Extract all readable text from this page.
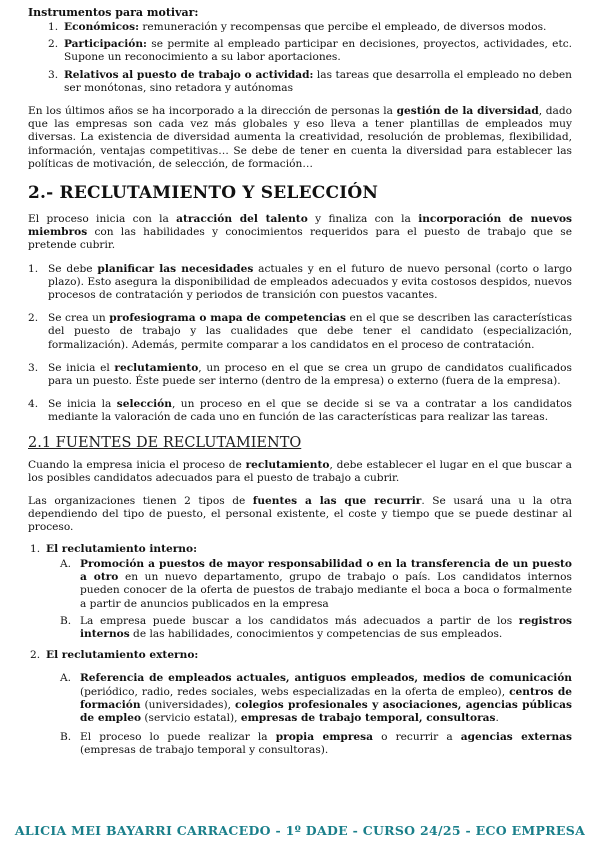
Instrumentos para motivar:

1. Económicos: remuneración y recompensas que percibe el empleado, de diversos modos.
2. Participación: se permite al empleado participar en decisiones, proyectos, actividades, etc. Supone un reconocimiento a su labor aportaciones.
3. Relativos al puesto de trabajo o actividad: las tareas que desarrolla el empleado no deben ser monótonas, sino retadora y autónomas

En los últimos años se ha incorporado a la dirección de personas la gestión de la diversidad, dado que las empresas son cada vez más globales y eso lleva a tener plantillas de empleados muy diversas. La existencia de diversidad aumenta la creatividad, resolución de problemas, flexibilidad, información, ventajas competitivas… Se debe de tener en cuenta la diversidad para establecer las políticas de motivación, de selección, de formación…

2.- RECLUTAMIENTO Y SELECCIÓN

El proceso inicia con la atracción del talento y finaliza con la incorporación de nuevos miembros con las habilidades y conocimientos requeridos para el puesto de trabajo que se pretende cubrir.

1. Se debe planificar las necesidades actuales y en el futuro de nuevo personal (corto o largo plazo). Esto asegura la disponibilidad de empleados adecuados y evita costosos despidos, nuevos procesos de contratación y periodos de transición con puestos vacantes.
2. Se crea un profesiograma o mapa de competencias en el que se describen las características del puesto de trabajo y las cualidades que debe tener el candidato (especialización, formalización). Además, permite comparar a los candidatos en el proceso de contratación.
3. Se inicia el reclutamiento, un proceso en el que se crea un grupo de candidatos cualificados para un puesto. Éste puede ser interno (dentro de la empresa) o externo (fuera de la empresa).
4. Se inicia la selección, un proceso en el que se decide si se va a contratar a los candidatos mediante la valoración de cada uno en función de las características para realizar las tareas.
2.1 FUENTES DE RECLUTAMIENTO

Cuando la empresa inicia el proceso de reclutamiento, debe establecer el lugar en el que buscar a los posibles candidatos adecuados para el puesto de trabajo a cubrir.

Las organizaciones tienen 2 tipos de fuentes a las que recurrir. Se usará una u la otra dependiendo del tipo de puesto, el personal existente, el coste y tiempo que se puede destinar al proceso.

1. El reclutamiento interno:
A. Promoción a puestos de mayor responsabilidad o en la transferencia de un puesto a otro en un nuevo departamento, grupo de trabajo o país. Los candidatos internos pueden conocer de la oferta de puestos de trabajo mediante el boca a boca o formalmente a partir de anuncios publicados en la empresa
B. La empresa puede buscar a los candidatos más adecuados a partir de los registros internos de las habilidades, conocimientos y competencias de sus empleados.
2. El reclutamiento externo:
A. Referencia de empleados actuales, antiguos empleados, medios de comunicación (periódico, radio, redes sociales, webs especializadas en la oferta de empleo), centros de formación (universidades), colegios profesionales y asociaciones, agencias públicas de empleo (servicio estatal), empresas de trabajo temporal, consultoras.
B. El proceso lo puede realizar la propia empresa o recurrir a agencias externas (empresas de trabajo temporal y consultoras).
ALICIA MEI BAYARRI CARRACEDO - 1º DADE - CURSO 24/25 - ECO EMPRESA
